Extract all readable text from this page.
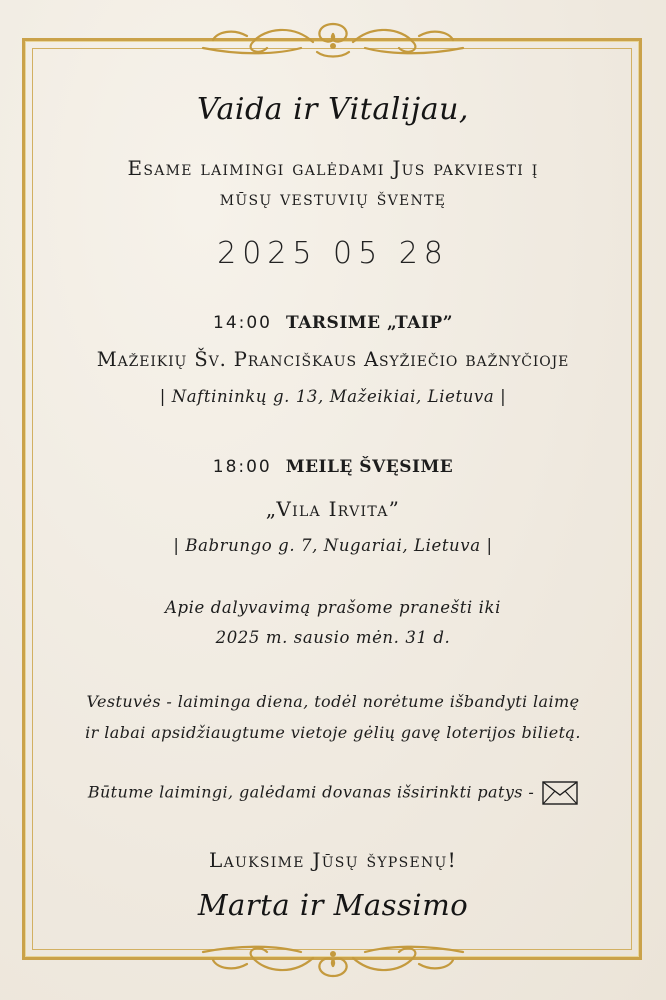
Vaida ir Vitalijau,
Esame laimingi galėdami Jus pakviesti į
mūsų vestuvių šventę
2025 05 28
14:00 TARSIME „TAIP”
Mažeikių Šv. Pranciškaus Asyžiečio bažnyčioje
| Naftininkų g. 13, Mažeikiai, Lietuva |
18:00 MEILĘ ŠVĘSIME
„Vila Irvita”
| Babrungo g. 7, Nugariai, Lietuva |
Apie dalyvavimą prašome pranešti iki
2025 m. sausio mėn. 31 d.
Vestuvės - laiminga diena, todėl norėtume išbandyti laimę
ir labai apsidžiaugtume vietoje gėlių gavę loterijos bilietą.
Būtume laimingi, galėdami dovanas išsirinkti patys -
Lauksime Jūsų šypsenų!
Marta ir Massimo
